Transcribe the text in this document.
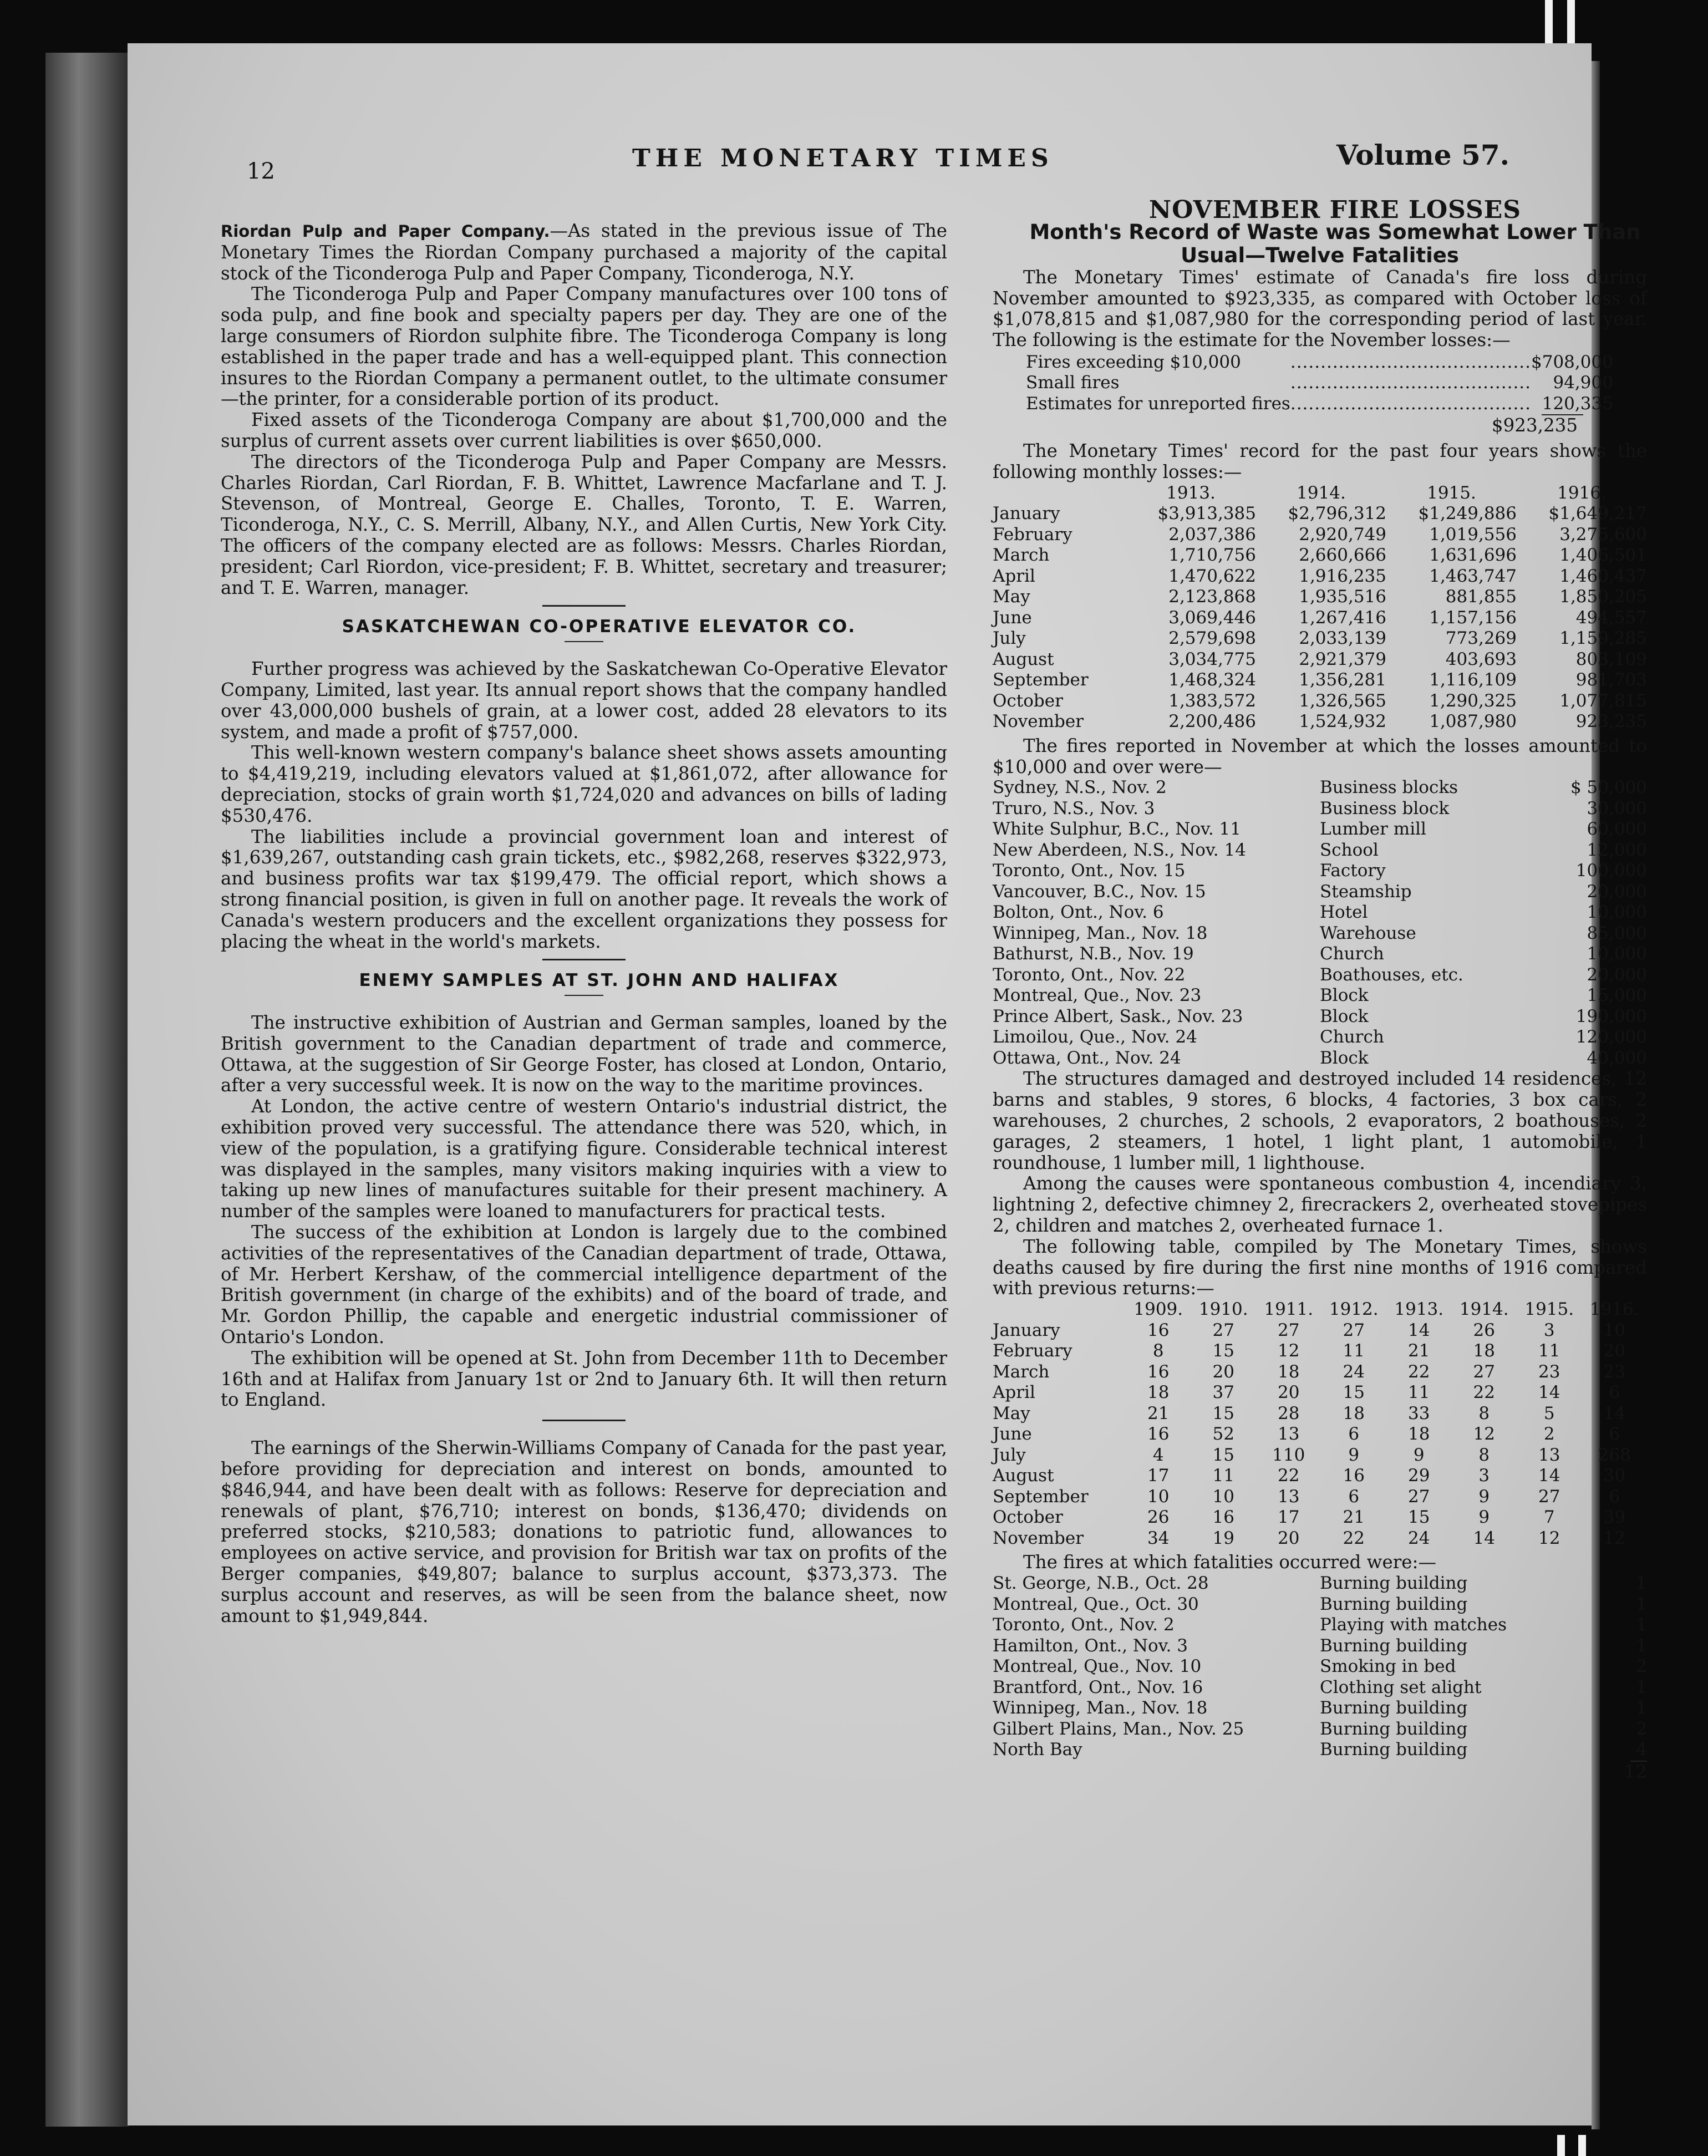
12	THE MONETARY TIMES	Volume 57.

Riordan Pulp and Paper Company.—As stated in the previous issue of The Monetary Times the Riordan Company purchased a majority of the capital stock of the Ticonderoga Pulp and Paper Company, Ticonderoga, N.Y.

The Ticonderoga Pulp and Paper Company manufactures over 100 tons of soda pulp, and fine book and specialty papers per day. They are one of the large consumers of Riordon sulphite fibre. The Ticonderoga Company is long established in the paper trade and has a well-equipped plant. This connection insures to the Riordan Company a permanent outlet, to the ultimate consumer—the printer, for a considerable portion of its product.

Fixed assets of the Ticonderoga Company are about $1,700,000 and the surplus of current assets over current liabilities is over $650,000.

The directors of the Ticonderoga Pulp and Paper Company are Messrs. Charles Riordan, Carl Riordan, F. B. Whittet, Lawrence Macfarlane and T. J. Stevenson, of Montreal, George E. Challes, Toronto, T. E. Warren, Ticonderoga, N.Y., C. S. Merrill, Albany, N.Y., and Allen Curtis, New York City. The officers of the company elected are as follows: Messrs. Charles Riordan, president; Carl Riordon, vice-president; F. B. Whittet, secretary and treasurer; and T. E. Warren, manager.

SASKATCHEWAN CO-OPERATIVE ELEVATOR CO.

Further progress was achieved by the Saskatchewan Co-Operative Elevator Company, Limited, last year. Its annual report shows that the company handled over 43,000,000 bushels of grain, at a lower cost, added 28 elevators to its system, and made a profit of $757,000.

This well-known western company's balance sheet shows assets amounting to $4,419,219, including elevators valued at $1,861,072, after allowance for depreciation, stocks of grain worth $1,724,020 and advances on bills of lading $530,476.

The liabilities include a provincial government loan and interest of $1,639,267, outstanding cash grain tickets, etc., $982,268, reserves $322,973, and business profits war tax $199,479. The official report, which shows a strong financial position, is given in full on another page. It reveals the work of Canada's western producers and the excellent organizations they possess for placing the wheat in the world's markets.

ENEMY SAMPLES AT ST. JOHN AND HALIFAX

The instructive exhibition of Austrian and German samples, loaned by the British government to the Canadian department of trade and commerce, Ottawa, at the suggestion of Sir George Foster, has closed at London, Ontario, after a very successful week. It is now on the way to the maritime provinces.

At London, the active centre of western Ontario's industrial district, the exhibition proved very successful. The attendance there was 520, which, in view of the population, is a gratifying figure. Considerable technical interest was displayed in the samples, many visitors making inquiries with a view to taking up new lines of manufactures suitable for their present machinery. A number of the samples were loaned to manufacturers for practical tests.

The success of the exhibition at London is largely due to the combined activities of the representatives of the Canadian department of trade, Ottawa, of Mr. Herbert Kershaw, of the commercial intelligence department of the British government (in charge of the exhibits) and of the board of trade, and Mr. Gordon Phillip, the capable and energetic industrial commissioner of Ontario's London.

The exhibition will be opened at St. John from December 11th to December 16th and at Halifax from January 1st or 2nd to January 6th. It will then return to England.

The earnings of the Sherwin-Williams Company of Canada for the past year, before providing for depreciation and interest on bonds, amounted to $846,944, and have been dealt with as follows: Reserve for depreciation and renewals of plant, $76,710; interest on bonds, $136,470; dividends on preferred stocks, $210,583; donations to patriotic fund, allowances to employees on active service, and provision for British war tax on profits of the Berger companies, $49,807; balance to surplus account, $373,373. The surplus account and reserves, as will be seen from the balance sheet, now amount to $1,949,844.

NOVEMBER FIRE LOSSES

Month's Record of Waste was Somewhat Lower Than Usual—Twelve Fatalities

The Monetary Times' estimate of Canada's fire loss during November amounted to $923,335, as compared with October loss of $1,078,815 and $1,087,980 for the corresponding period of last year. The following is the estimate for the November losses:—

Fires exceeding $10,000	........................................	$708,000
Small fires	........................................	94,900
Estimates for unreported fires	........................................	120,335
$923,235

The Monetary Times' record for the past four years shows the following monthly losses:—

	1913.	1914.	1915.	1916.
January	$3,913,385	$2,796,312	$1,249,886	$1,649,217
February	2,037,386	2,920,749	1,019,556	3,275,600
March	1,710,756	2,660,666	1,631,696	1,406,501
April	1,470,622	1,916,235	1,463,747	1,460,437
May	2,123,868	1,935,516	881,855	1,850,205
June	3,069,446	1,267,416	1,157,156	494,557
July	2,579,698	2,033,139	773,269	1,159,285
August	3,034,775	2,921,379	403,693	803,109
September	1,468,324	1,356,281	1,116,109	981,703
October	1,383,572	1,326,565	1,290,325	1,077,815
November	2,200,486	1,524,932	1,087,980	923,235

The fires reported in November at which the losses amounted to $10,000 and over were—

Sydney, N.S., Nov. 2	Business blocks	$ 50,000
Truro, N.S., Nov. 3	Business block	30,000
White Sulphur, B.C., Nov. 11	Lumber mill	60,000
New Aberdeen, N.S., Nov. 14	School	12,000
Toronto, Ont., Nov. 15	Factory	100,000
Vancouver, B.C., Nov. 15	Steamship	20,000
Bolton, Ont., Nov. 6	Hotel	10,000
Winnipeg, Man., Nov. 18	Warehouse	85,000
Bathurst, N.B., Nov. 19	Church	10,000
Toronto, Ont., Nov. 22	Boathouses, etc.	20,000
Montreal, Que., Nov. 23	Block	15,000
Prince Albert, Sask., Nov. 23	Block	190,000
Limoilou, Que., Nov. 24	Church	120,000
Ottawa, Ont., Nov. 24	Block	40,000

The structures damaged and destroyed included 14 residences, 12 barns and stables, 9 stores, 6 blocks, 4 factories, 3 box cars, 2 warehouses, 2 churches, 2 schools, 2 evaporators, 2 boathouses, 2 garages, 2 steamers, 1 hotel, 1 light plant, 1 automobile, 1 roundhouse, 1 lumber mill, 1 lighthouse.

Among the causes were spontaneous combustion 4, incendiary 3, lightning 2, defective chimney 2, firecrackers 2, overheated stovepipes 2, children and matches 2, overheated furnace 1.

The following table, compiled by The Monetary Times, shows deaths caused by fire during the first nine months of 1916 compared with previous returns:—

	1909.	1910.	1911.	1912.	1913.	1914.	1915.	1916.
January	16	27	27	27	14	26	3	10
February	8	15	12	11	21	18	11	20
March	16	20	18	24	22	27	23	23
April	18	37	20	15	11	22	14	6
May	21	15	28	18	33	8	5	14
June	16	52	13	6	18	12	2	6
July	4	15	110	9	9	8	13	268
August	17	11	22	16	29	3	14	30
September	10	10	13	6	27	9	27	6
October	26	16	17	21	15	9	7	39
November	34	19	20	22	24	14	12	12

The fires at which fatalities occurred were:—

St. George, N.B., Oct. 28	Burning building	1
Montreal, Que., Oct. 30	Burning building	1
Toronto, Ont., Nov. 2	Playing with matches	1
Hamilton, Ont., Nov. 3	Burning building	1
Montreal, Que., Nov. 10	Smoking in bed	2
Brantford, Ont., Nov. 16	Clothing set alight	1
Winnipeg, Man., Nov. 18	Burning building	1
Gilbert Plains, Man., Nov. 25	Burning building	2
North Bay	Burning building	4
12
